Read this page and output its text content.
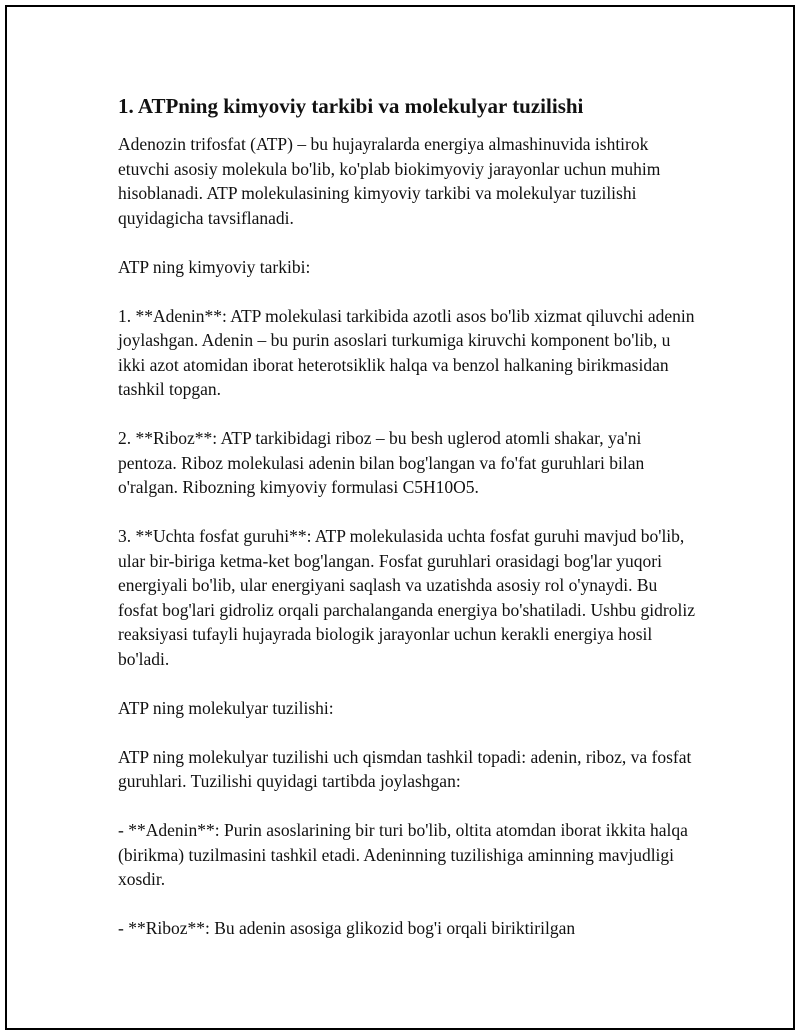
1. ATPning kimyoviy tarkibi va molekulyar tuzilishi

Adenozin trifosfat (ATP) – bu hujayralarda energiya almashinuvida ishtirok etuvchi asosiy molekula bo'lib, ko'plab biokimyoviy jarayonlar uchun muhim hisoblanadi. ATP molekulasining kimyoviy tarkibi va molekulyar tuzilishi quyidagicha tavsiflanadi.

ATP ning kimyoviy tarkibi:

1. **Adenin**: ATP molekulasi tarkibida azotli asos bo'lib xizmat qiluvchi adenin joylashgan. Adenin – bu purin asoslari turkumiga kiruvchi komponent bo'lib, u ikki azot atomidan iborat heterotsiklik halqa va benzol halkaning birikmasidan tashkil topgan.

2. **Riboz**: ATP tarkibidagi riboz – bu besh uglerod atomli shakar, ya'ni pentoza. Riboz molekulasi adenin bilan bog'langan va fo'fat guruhlari bilan o'ralgan. Ribozning kimyoviy formulasi C5H10O5.

3. **Uchta fosfat guruhi**: ATP molekulasida uchta fosfat guruhi mavjud bo'lib, ular bir-biriga ketma-ket bog'langan. Fosfat guruhlari orasidagi bog'lar yuqori energiyali bo'lib, ular energiyani saqlash va uzatishda asosiy rol o'ynaydi. Bu fosfat bog'lari gidroliz orqali parchalanganda energiya bo'shatiladi. Ushbu gidroliz reaksiyasi tufayli hujayrada biologik jarayonlar uchun kerakli energiya hosil bo'ladi.

ATP ning molekulyar tuzilishi:

ATP ning molekulyar tuzilishi uch qismdan tashkil topadi: adenin, riboz, va fosfat guruhlari. Tuzilishi quyidagi tartibda joylashgan:

- **Adenin**: Purin asoslarining bir turi bo'lib, oltita atomdan iborat ikkita halqa (birikma) tuzilmasini tashkil etadi. Adeninning tuzilishiga aminning mavjudligi xosdir.

- **Riboz**: Bu adenin asosiga glikozid bog'i orqali biriktirilgan
